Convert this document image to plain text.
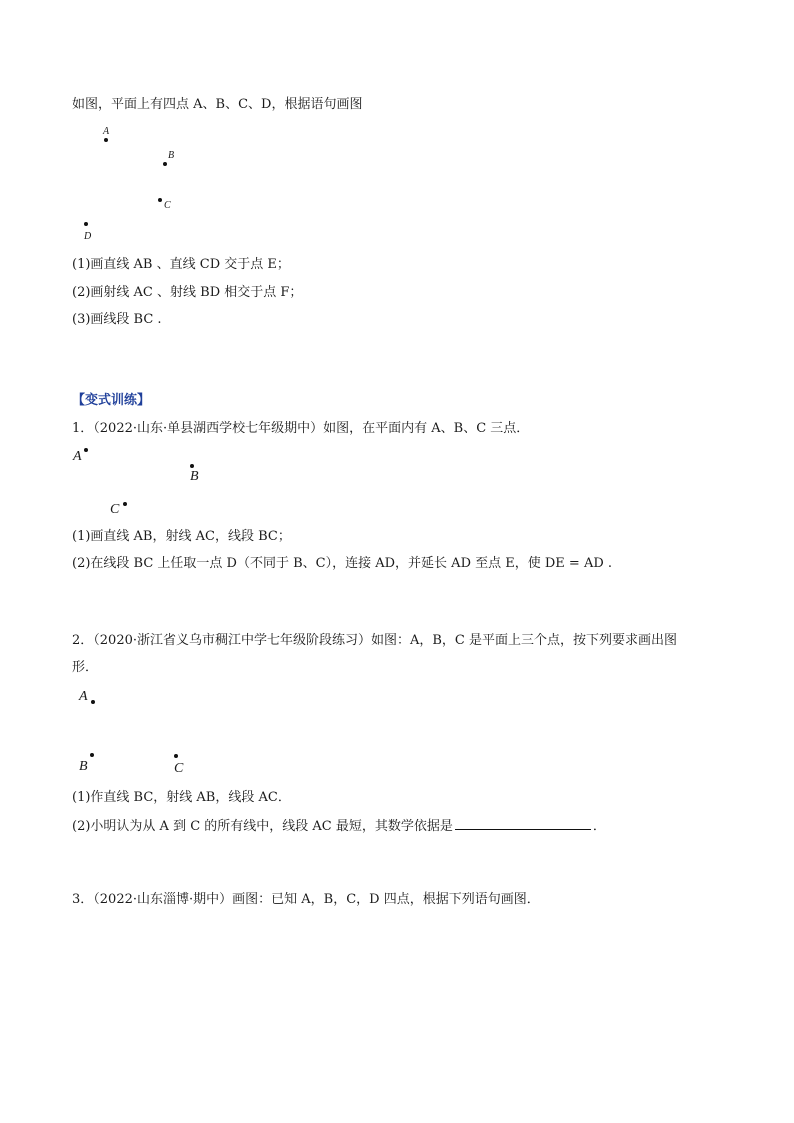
如图，平面上有四点 A、B、C、D，根据语句画图
A
B
C
D
(1)画直线 AB 、直线 CD 交于点 E；
(2)画射线 AC 、射线 BD 相交于点 F；
(3)画线段 BC .
【变式训练】
1．（2022·山东·单县湖西学校七年级期中）如图，在平面内有 A、B、C 三点．
A
B
C
(1)画直线 AB，射线 AC，线段 BC；
(2)在线段 BC 上任取一点 D（不同于 B、C），连接 AD，并延长 AD 至点 E，使 DE = AD .
2．（2020·浙江省义乌市稠江中学七年级阶段练习）如图：A，B，C 是平面上三个点，按下列要求画出图
形．
A
B	C
(1)作直线 BC，射线 AB，线段 AC．
(2)小明认为从 A 到 C 的所有线中，线段 AC 最短，其数学依据是	．
3．（2022·山东淄博·期中）画图：已知 A，B，C，D 四点，根据下列语句画图．
